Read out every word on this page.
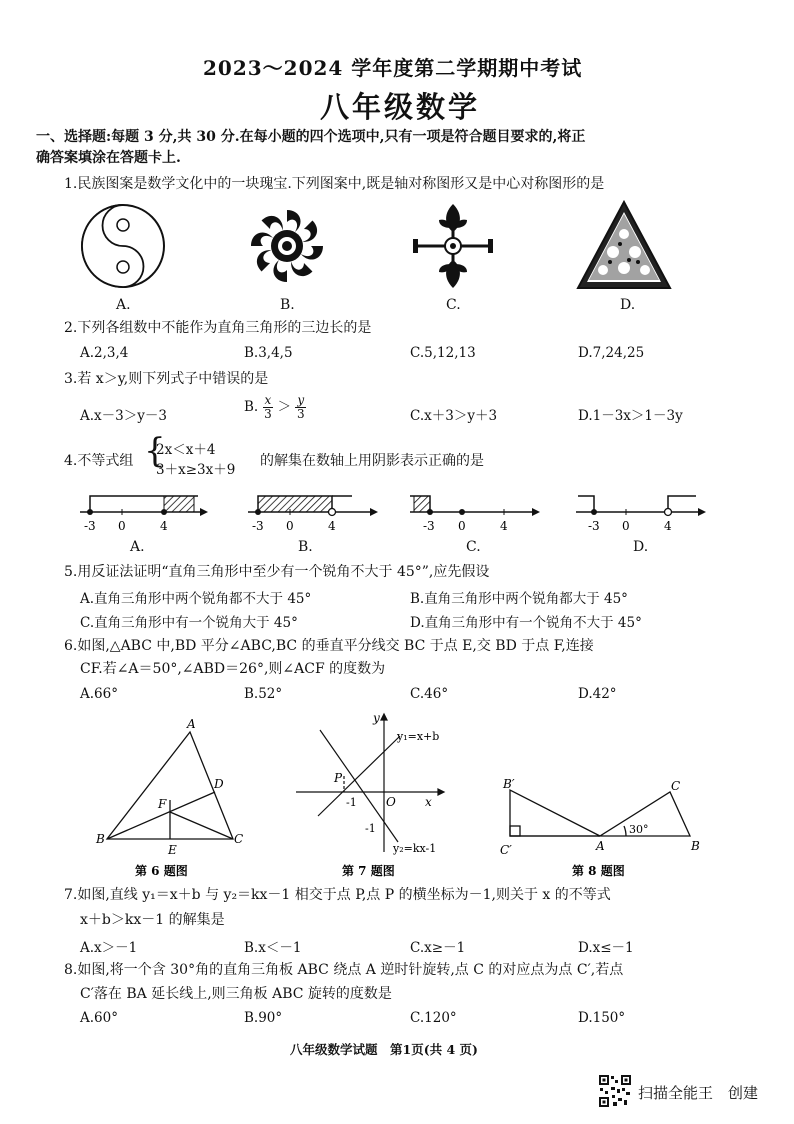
2023～2024 学年度第二学期期中考试
八年级数学
一、选择题:每题 3 分,共 30 分.在每小题的四个选项中,只有一项是符合题目要求的,将正
确答案填涂在答题卡上.
1.民族图案是数学文化中的一块瑰宝.下列图案中,既是轴对称图形又是中心对称图形的是
A.	B.	C.	D.
2.下列各组数中不能作为直角三角形的三边长的是
A.2,3,4	B.3,4,5	C.5,12,13	D.7,24,25
3.若 x＞y,则下列式子中错误的是
A.x－3＞y－3
B. $\frac{x}{3} > \frac{y}{3}$	C.x＋3＞y＋3	D.1－3x＞1－3y
4.不等式组 {
2x＜x＋4
3＋x≥3x＋9
的解集在数轴上用阴影表示正确的是
-3 0	4	-3 0	4	-3 0	4	-3 0	4
A.	B.	C.	D.
5.用反证法证明“直角三角形中至少有一个锐角不大于 45°”,应先假设
A.直角三角形中两个锐角都不大于 45°	B.直角三角形中两个锐角都大于 45°
C.直角三角形中有一个锐角大于 45°	D.直角三角形中有一个锐角不大于 45°
6.如图,△ABC 中,BD 平分∠ABC,BC 的垂直平分线交 BC 于点 E,交 BD 于点 F,连接
CF.若∠A＝50°,∠ABD＝26°,则∠ACF 的度数为
A.66°	B.52°	C.46°	D.42°
A
B	C
D
E
F
第 6 题图
y
x
O
P
-1
-1
y₁=x+b
y₂=kx-1
第 7 题图
B′	C
A	B
C′
30°
第 8 题图
7.如图,直线 y₁＝x＋b 与 y₂＝kx－1 相交于点 P,点 P 的横坐标为－1,则关于 x 的不等式
x＋b＞kx－1 的解集是
A.x＞－1	B.x＜－1	C.x≥－1	D.x≤－1
8.如图,将一个含 30°角的直角三角板 ABC 绕点 A 逆时针旋转,点 C 的对应点为点 C′,若点
C′落在 BA 延长线上,则三角板 ABC 旋转的度数是
A.60°	B.90°	C.120°	D.150°
八年级数学试题　第1页(共 4 页)
扫描全能王　创建
